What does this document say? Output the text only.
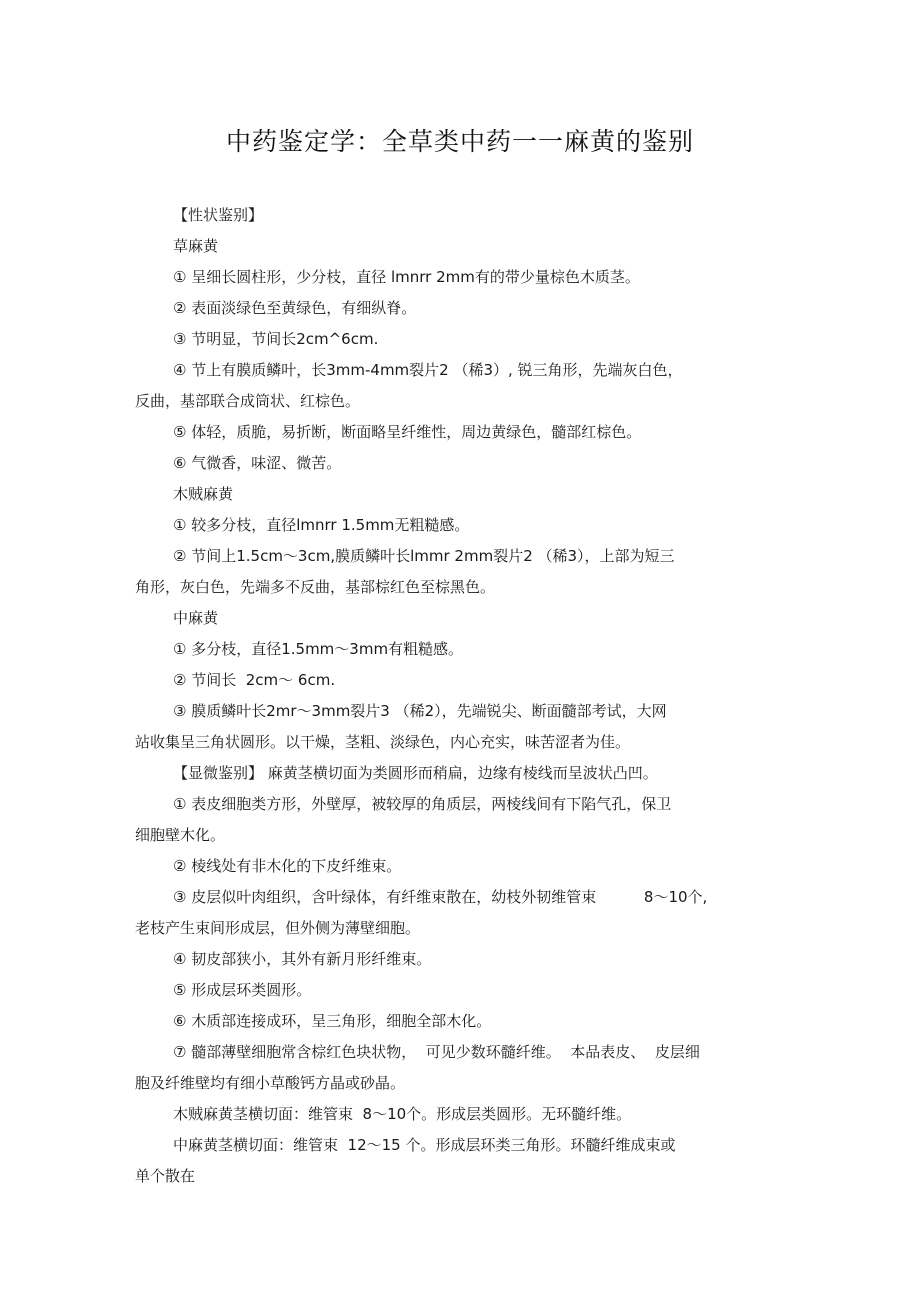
中药鉴定学：全草类中药一一麻黄的鉴别

【性状鉴别】

草麻黄

① 呈细长圆柱形，少分枝，直径 lmnrr 2mm有的带少量棕色木质茎。

② 表面淡绿色至黄绿色，有细纵脊。

③ 节明显，节间长2cm^6cm.

④ 节上有膜质鳞叶，长3mm-4mm裂片2 （稀3）, 锐三角形，先端灰白色，

反曲，基部联合成筒状、红棕色。

⑤ 体轻，质脆，易折断，断面略呈纤维性，周边黄绿色，髓部红棕色。

⑥ 气微香，味涩、微苦。

木贼麻黄

① 较多分枝，直径lmnrr 1.5mm无粗糙感。

② 节间上1.5cm～3cm,膜质鳞叶长lmmr 2mm裂片2 （稀3），上部为短三

角形，灰白色，先端多不反曲，基部棕红色至棕黑色。

中麻黄

① 多分枝，直径1.5mm～3mm有粗糙感。

② 节间长  2cm～ 6cm.

③ 膜质鳞叶长2mr～3mm裂片3 （稀2），先端锐尖、断面髓部考试，大网

站收集呈三角状圆形。以干燥，茎粗、淡绿色，内心充实，味苦涩者为佳。

【显微鉴别】 麻黄茎横切面为类圆形而稍扁，边缘有棱线而呈波状凸凹。

① 表皮细胞类方形，外壁厚，被较厚的角质层，两棱线间有下陷气孔，保卫

细胞壁木化。

② 棱线处有非木化的下皮纤维束。

③ 皮层似叶肉组织，含叶绿体，有纤维束散在，幼枝外韧维管束          8～10个,

老枝产生束间形成层，但外侧为薄壁细胞。

④ 韧皮部狭小，其外有新月形纤维束。

⑤ 形成层环类圆形。

⑥ 木质部连接成环，呈三角形，细胞全部木化。

⑦ 髓部薄壁细胞常含棕红色块状物，  可见少数环髓纤维。  本品表皮、  皮层细

胞及纤维壁均有细小草酸钙方晶或砂晶。

木贼麻黄茎横切面：维管束  8～10个。形成层类圆形。无环髓纤维。

中麻黄茎横切面：维管束  12～15 个。形成层环类三角形。环髓纤维成束或

单个散在
